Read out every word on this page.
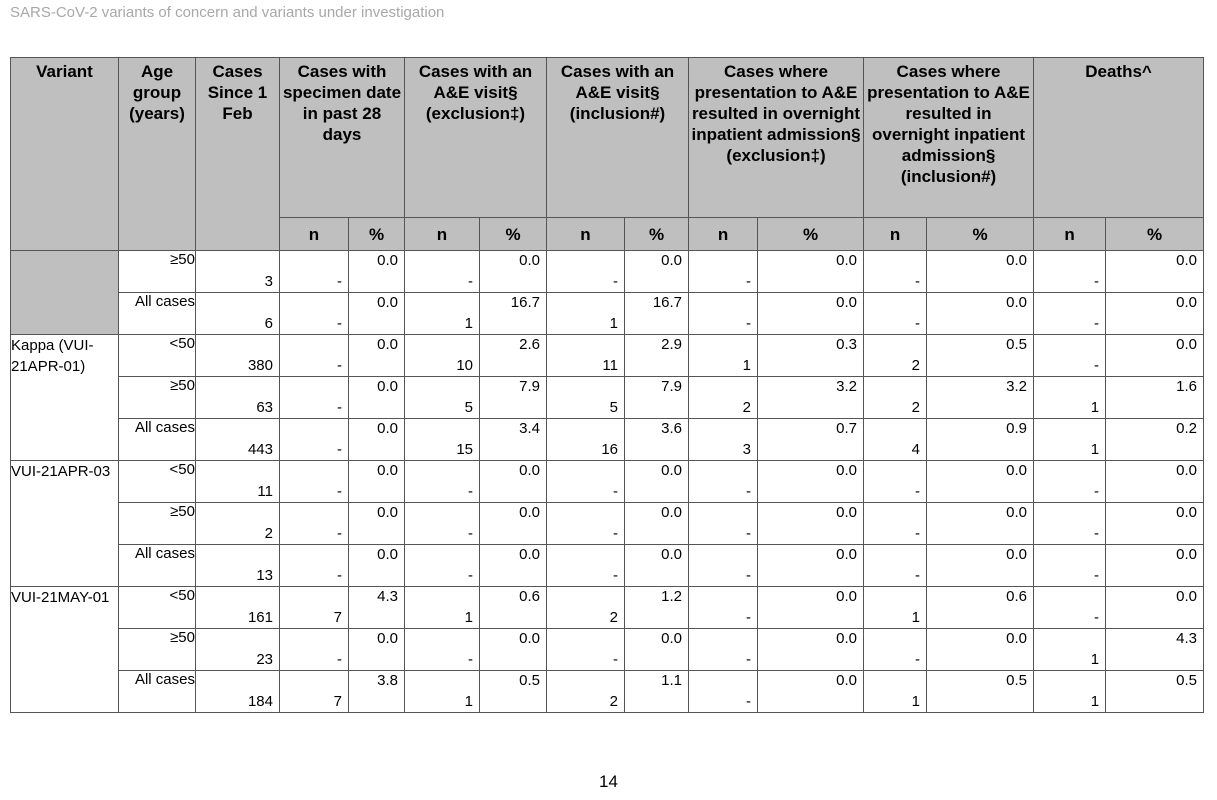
SARS-CoV-2 variants of concern and variants under investigation
Variant	Age group (years)	Cases Since 1 Feb	Cases with specimen date in past 28 days		Cases with an A&E visit§ (exclusion‡)		Cases with an A&E visit§ (inclusion#)		Cases where presentation to A&E resulted in overnight inpatient admission§ (exclusion‡)		Cases where presentation to A&E resulted in overnight inpatient admission§ (inclusion#)		Deaths^	
			n	%	n	%	n	%	n	%	n	%	n	%
	≥50	3	-	0.0	-	0.0	-	0.0	-	0.0	-	0.0	-	0.0

	All cases	6	-	0.0	1	16.7	1	16.7	-	0.0	-	0.0	-	0.0

Kappa (VUI-21APR-01)	<50	380	-	0.0	10	2.6	11	2.9	1	0.3	2	0.5	-	0.0

	≥50	63	-	0.0	5	7.9	5	7.9	2	3.2	2	3.2	1	1.6

	All cases	443	-	0.0	15	3.4	16	3.6	3	0.7	4	0.9	1	0.2

VUI-21APR-03	<50	11	-	0.0	-	0.0	-	0.0	-	0.0	-	0.0	-	0.0

	≥50	2	-	0.0	-	0.0	-	0.0	-	0.0	-	0.0	-	0.0

	All cases	13	-	0.0	-	0.0	-	0.0	-	0.0	-	0.0	-	0.0

VUI-21MAY-01	<50	161	7	4.3	1	0.6	2	1.2	-	0.0	1	0.6	-	0.0

	≥50	23	-	0.0	-	0.0	-	0.0	-	0.0	-	0.0	1	4.3

	All cases	184	7	3.8	1	0.5	2	1.1	-	0.0	1	0.5	1	0.5
14
